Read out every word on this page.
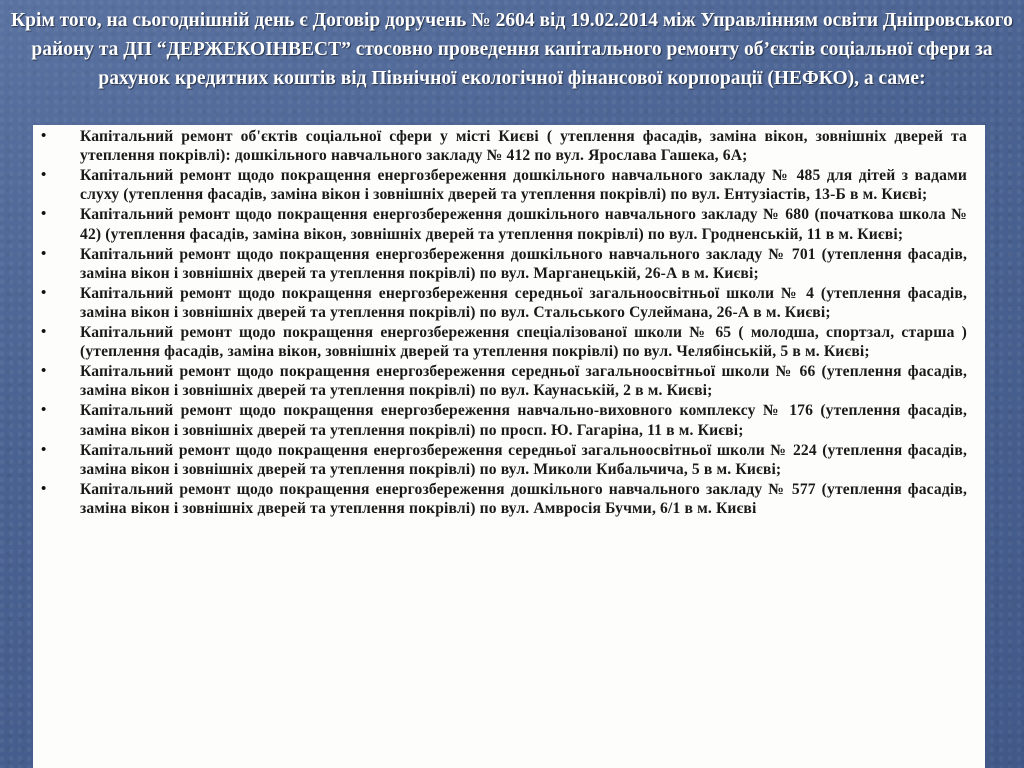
Крім того, на сьогоднішній день є Договір доручень № 2604 від 19.02.2014 між Управлінням освіти Дніпровського району та ДП “ДЕРЖЕКОІНВЕСТ” стосовно проведення капітального ремонту об’єктів соціальної сфери за рахунок кредитних коштів від Північної екологічної фінансової корпорації (НЕФКО), а саме:
• Капітальний ремонт об'єктів соціальної сфери у місті Києві ( утеплення фасадів, заміна вікон, зовнішніх дверей та утеплення покрівлі): дошкільного навчального закладу № 412 по вул. Ярослава Гашека, 6А;
• Капітальний ремонт щодо покращення енергозбереження дошкільного навчального закладу № 485 для дітей з вадами слуху (утеплення фасадів, заміна вікон і зовнішніх дверей та утеплення покрівлі) по вул. Ентузіастів, 13-Б в м. Києві;
• Капітальний ремонт щодо покращення енергозбереження дошкільного навчального закладу № 680 (початкова школа № 42) (утеплення фасадів, заміна вікон, зовнішніх дверей та утеплення покрівлі) по вул. Гродненській, 11 в м. Києві;
• Капітальний ремонт щодо покращення енергозбереження дошкільного навчального закладу № 701 (утеплення фасадів, заміна вікон і зовнішніх дверей та утеплення покрівлі) по вул. Марганецькій, 26-А в м. Києві;
• Капітальний ремонт щодо покращення енергозбереження середньої загальноосвітньої школи № 4 (утеплення фасадів, заміна вікон і зовнішніх дверей та утеплення покрівлі) по вул. Стальського Сулеймана, 26-А в м. Києві;
• Капітальний ремонт щодо покращення енергозбереження спеціалізованої школи № 65 ( молодша, спортзал, старша ) (утеплення фасадів, заміна вікон, зовнішніх дверей та утеплення покрівлі) по вул. Челябінській, 5 в м. Києві;
• Капітальний ремонт щодо покращення енергозбереження середньої загальноосвітньої школи № 66 (утеплення фасадів, заміна вікон і зовнішніх дверей та утеплення покрівлі) по вул. Каунаській, 2 в м. Києві;
• Капітальний ремонт щодо покращення енергозбереження навчально-виховного комплексу № 176 (утеплення фасадів, заміна вікон і зовнішніх дверей та утеплення покрівлі) по просп. Ю. Гагаріна, 11 в м. Києві;
• Капітальний ремонт щодо покращення енергозбереження середньої загальноосвітньої школи № 224 (утеплення фасадів, заміна вікон і зовнішніх дверей та утеплення покрівлі) по вул. Миколи Кибальчича, 5 в м. Києві;
• Капітальний ремонт щодо покращення енергозбереження дошкільного навчального закладу № 577 (утеплення фасадів, заміна вікон і зовнішніх дверей та утеплення покрівлі) по вул. Амвросія Бучми, 6/1 в м. Києві
